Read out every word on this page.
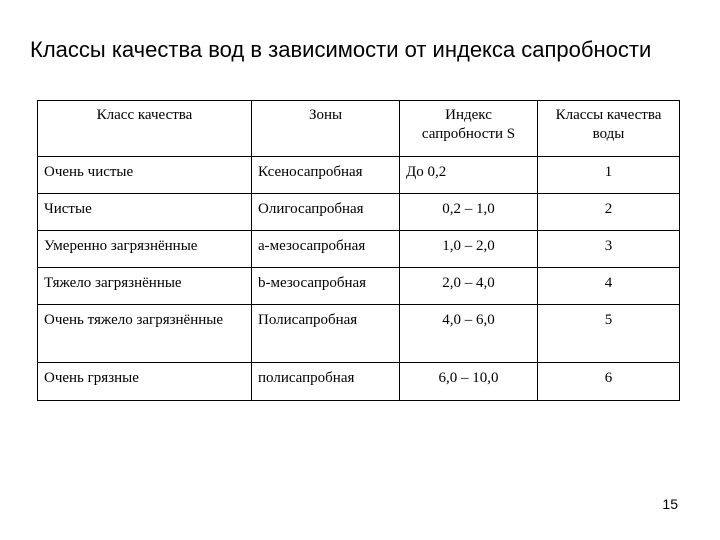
Классы качества вод в зависимости от индекса сапробности
Класс качества	Зоны	Индекс сапробности S	Классы качества воды
Очень чистые	Ксеносапробная	До 0,2	1
Чистые	Олигосапробная	0,2 – 1,0	2
Умеренно загрязнённые	a-мезосапробная	1,0 – 2,0	3
Тяжело загрязнённые	b-мезосапробная	2,0 – 4,0	4
Очень тяжело загрязнённые	Полисапробная	4,0 – 6,0	5
Очень грязные	полисапробная	6,0 – 10,0	6
15
